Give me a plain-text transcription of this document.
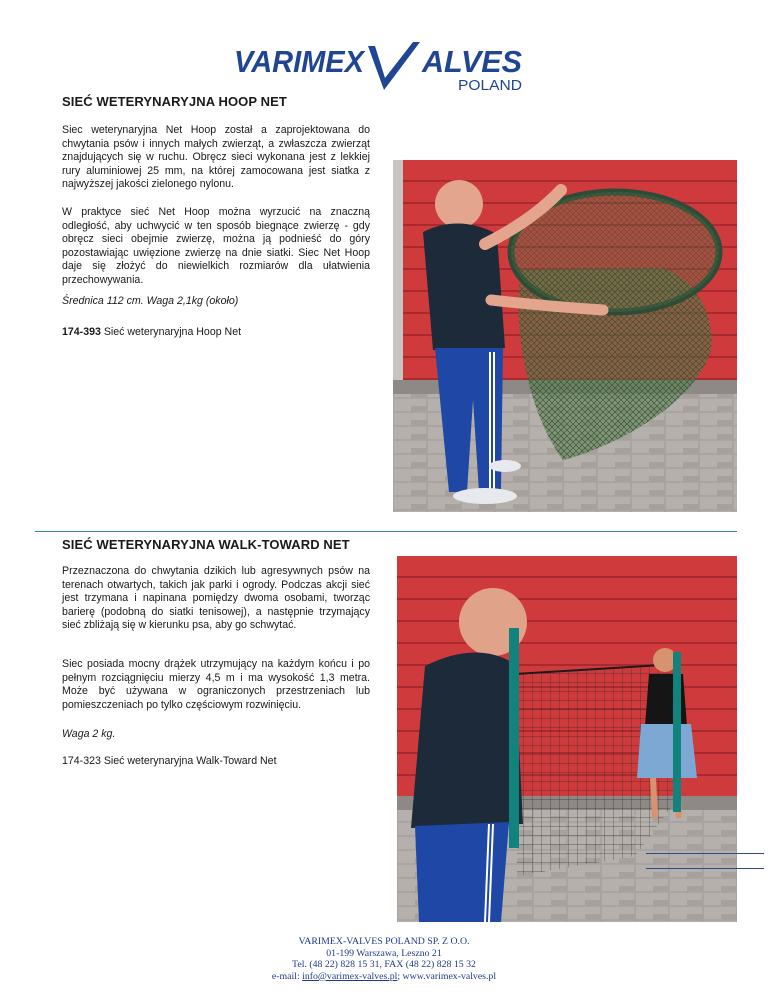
VARIMEX ALVES
POLAND
SIEĆ WETERYNARYJNA HOOP NET

Siec weterynaryjna Net Hoop został a zaprojektowana do chwytania psów i innych małych zwierząt, a zwłaszcza zwierząt znajdujących się w ruchu. Obręcz sieci wykonana jest z lekkiej rury aluminiowej 25 mm, na której zamocowana jest siatka z najwyższej jakości zielonego nylonu.

W praktyce sieć Net Hoop można wyrzucić na znaczną odległość, aby uchwycić w ten sposób biegnące zwierzę - gdy obręcz sieci obejmie zwierzę, można ją podnieść do góry pozostawiając uwięzione zwierzę na dnie siatki. Siec Net Hoop daje się złożyć do niewielkich rozmiarów dla ułatwienia przechowywania.

Średnica 112 cm. Waga 2,1kg (około)

174-393 Sieć weterynaryjna Hoop Net

SIEĆ WETERYNARYJNA WALK-TOWARD NET

Przeznaczona do chwytania dzikich lub agresywnych psów na terenach otwartych, takich jak parki i ogrody. Podczas akcji sieć jest trzymana i napinana pomiędzy dwoma osobami, tworząc barierę (podobną do siatki tenisowej), a następnie trzymający sieć zbliżają się w kierunku psa, aby go schwytać.

Siec posiada mocny drążek utrzymujący na każdym końcu i po pełnym rozciągnięciu mierzy 4,5 m i ma wysokość 1,3 metra. Może być używana w ograniczonych przestrzeniach lub pomieszczeniach po tylko częściowym rozwinięciu.

Waga 2 kg.

174-323 Sieć weterynaryjna Walk-Toward Net

VARIMEX-VALVES POLAND SP. Z O.O.
01-199 Warszawa, Leszno 21
Tel. (48 22) 828 15 31, FAX (48 22) 828 15 32
e-mail: info@varimex-valves.pl; www.varimex-valves.pl
